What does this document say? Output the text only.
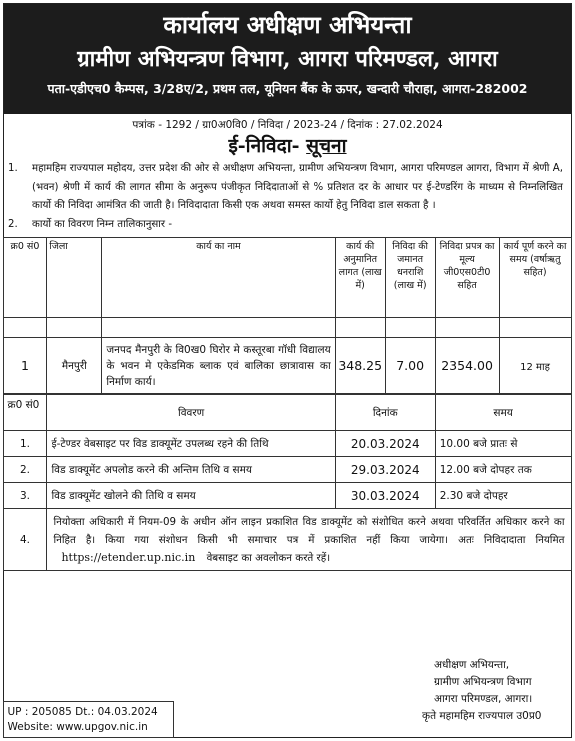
कार्यालय अधीक्षण अभियन्ता
ग्रामीण अभियन्त्रण विभाग, आगरा परिमण्डल, आगरा
पता-एडीएच0 कैम्पस, 3/28ए/2, प्रथम तल, यूनियन बैंक के ऊपर, खन्दारी चौराहा, आगरा-282002
पत्रांक - 1292 / ग्रा0अ0वि0 / निविदा / 2023-24 / दिनांक : 27.02.2024
ई-निविदा- सूचना
1.	महामहिम राज्यपाल महोदय, उत्तर प्रदेश की ओर से अधीक्षण अभियन्ता, ग्रामीण अभियन्त्रण विभाग, आगरा परिमण्डल आगरा, विभाग में श्रेणी A,(भवन) श्रेणी में कार्य की लागत सीमा के अनुरूप पंजीकृत निदिदाताओं से % प्रतिशत दर के आधार पर ई-टेण्डरिंग के माध्यम से निम्नलिखित कार्यो की निविदा आमंत्रित की जाती है। निविदादाता किसी एक अथवा समस्त कार्यो हेतु निविदा डाल सकता है ।
2.	कार्यो का विवरण निम्न तालिकानुसार -
क्र0 सं0	जिला	कार्य का नाम	कार्य की अनुमानित लागत (लाख में)	निविदा की जमानत धनराशि (लाख में)	निविदा प्रपत्र का मूल्य जी0एस0टी0 सहित	कार्य पूर्ण करने का समय (वर्षाऋतु सहित)

1	मैनपुरी	जनपद मैनपुरी के वि0ख0 घिरोर मे कस्तूरबा गॉधी विद्यालय के भवन मे एकेडमिक ब्लाक एवं बालिका छात्रावास का निर्माण कार्य।	348.25	7.00	2354.00	12 माह
क्र0 सं0	विवरण	दिनांक	समय
1.	ई-टेण्डर वेबसाइट पर विड डाक्यूमेंट उपलब्ध रहने की तिथि	20.03.2024	10.00 बजे प्रातः से
2.	विड डाक्यूमेंट अपलोड करने की अन्तिम तिथि व समय	29.03.2024	12.00 बजे दोपहर तक
3.	विड डाक्यूमेंट खोलने की तिथि व समय	30.03.2024	2.30 बजे दोपहर
4.	नियोक्ता अधिकारी में नियम-09 के अधीन ऑन लाइन प्रकाशित विड डाक्यूमेंट को संशोधित करने अथवा परिवर्तित अधिकार करने का निहित है। किया गया संशोधन किसी भी समाचार पत्र में प्रकाशित नहीं किया जायेगा। अतः निविदादाता नियमित https://etender.up.nic.in वेबसाइट का अवलोकन करते रहें।		
अधीक्षण अभियन्ता,
ग्रामीण अभियन्त्रण विभाग
आगरा परिमण्डल, आगरा।
कृते महामहिम राज्यपाल उ0प्र0
UP : 205085 Dt.: 04.03.2024
Website: www.upgov.nic.in
